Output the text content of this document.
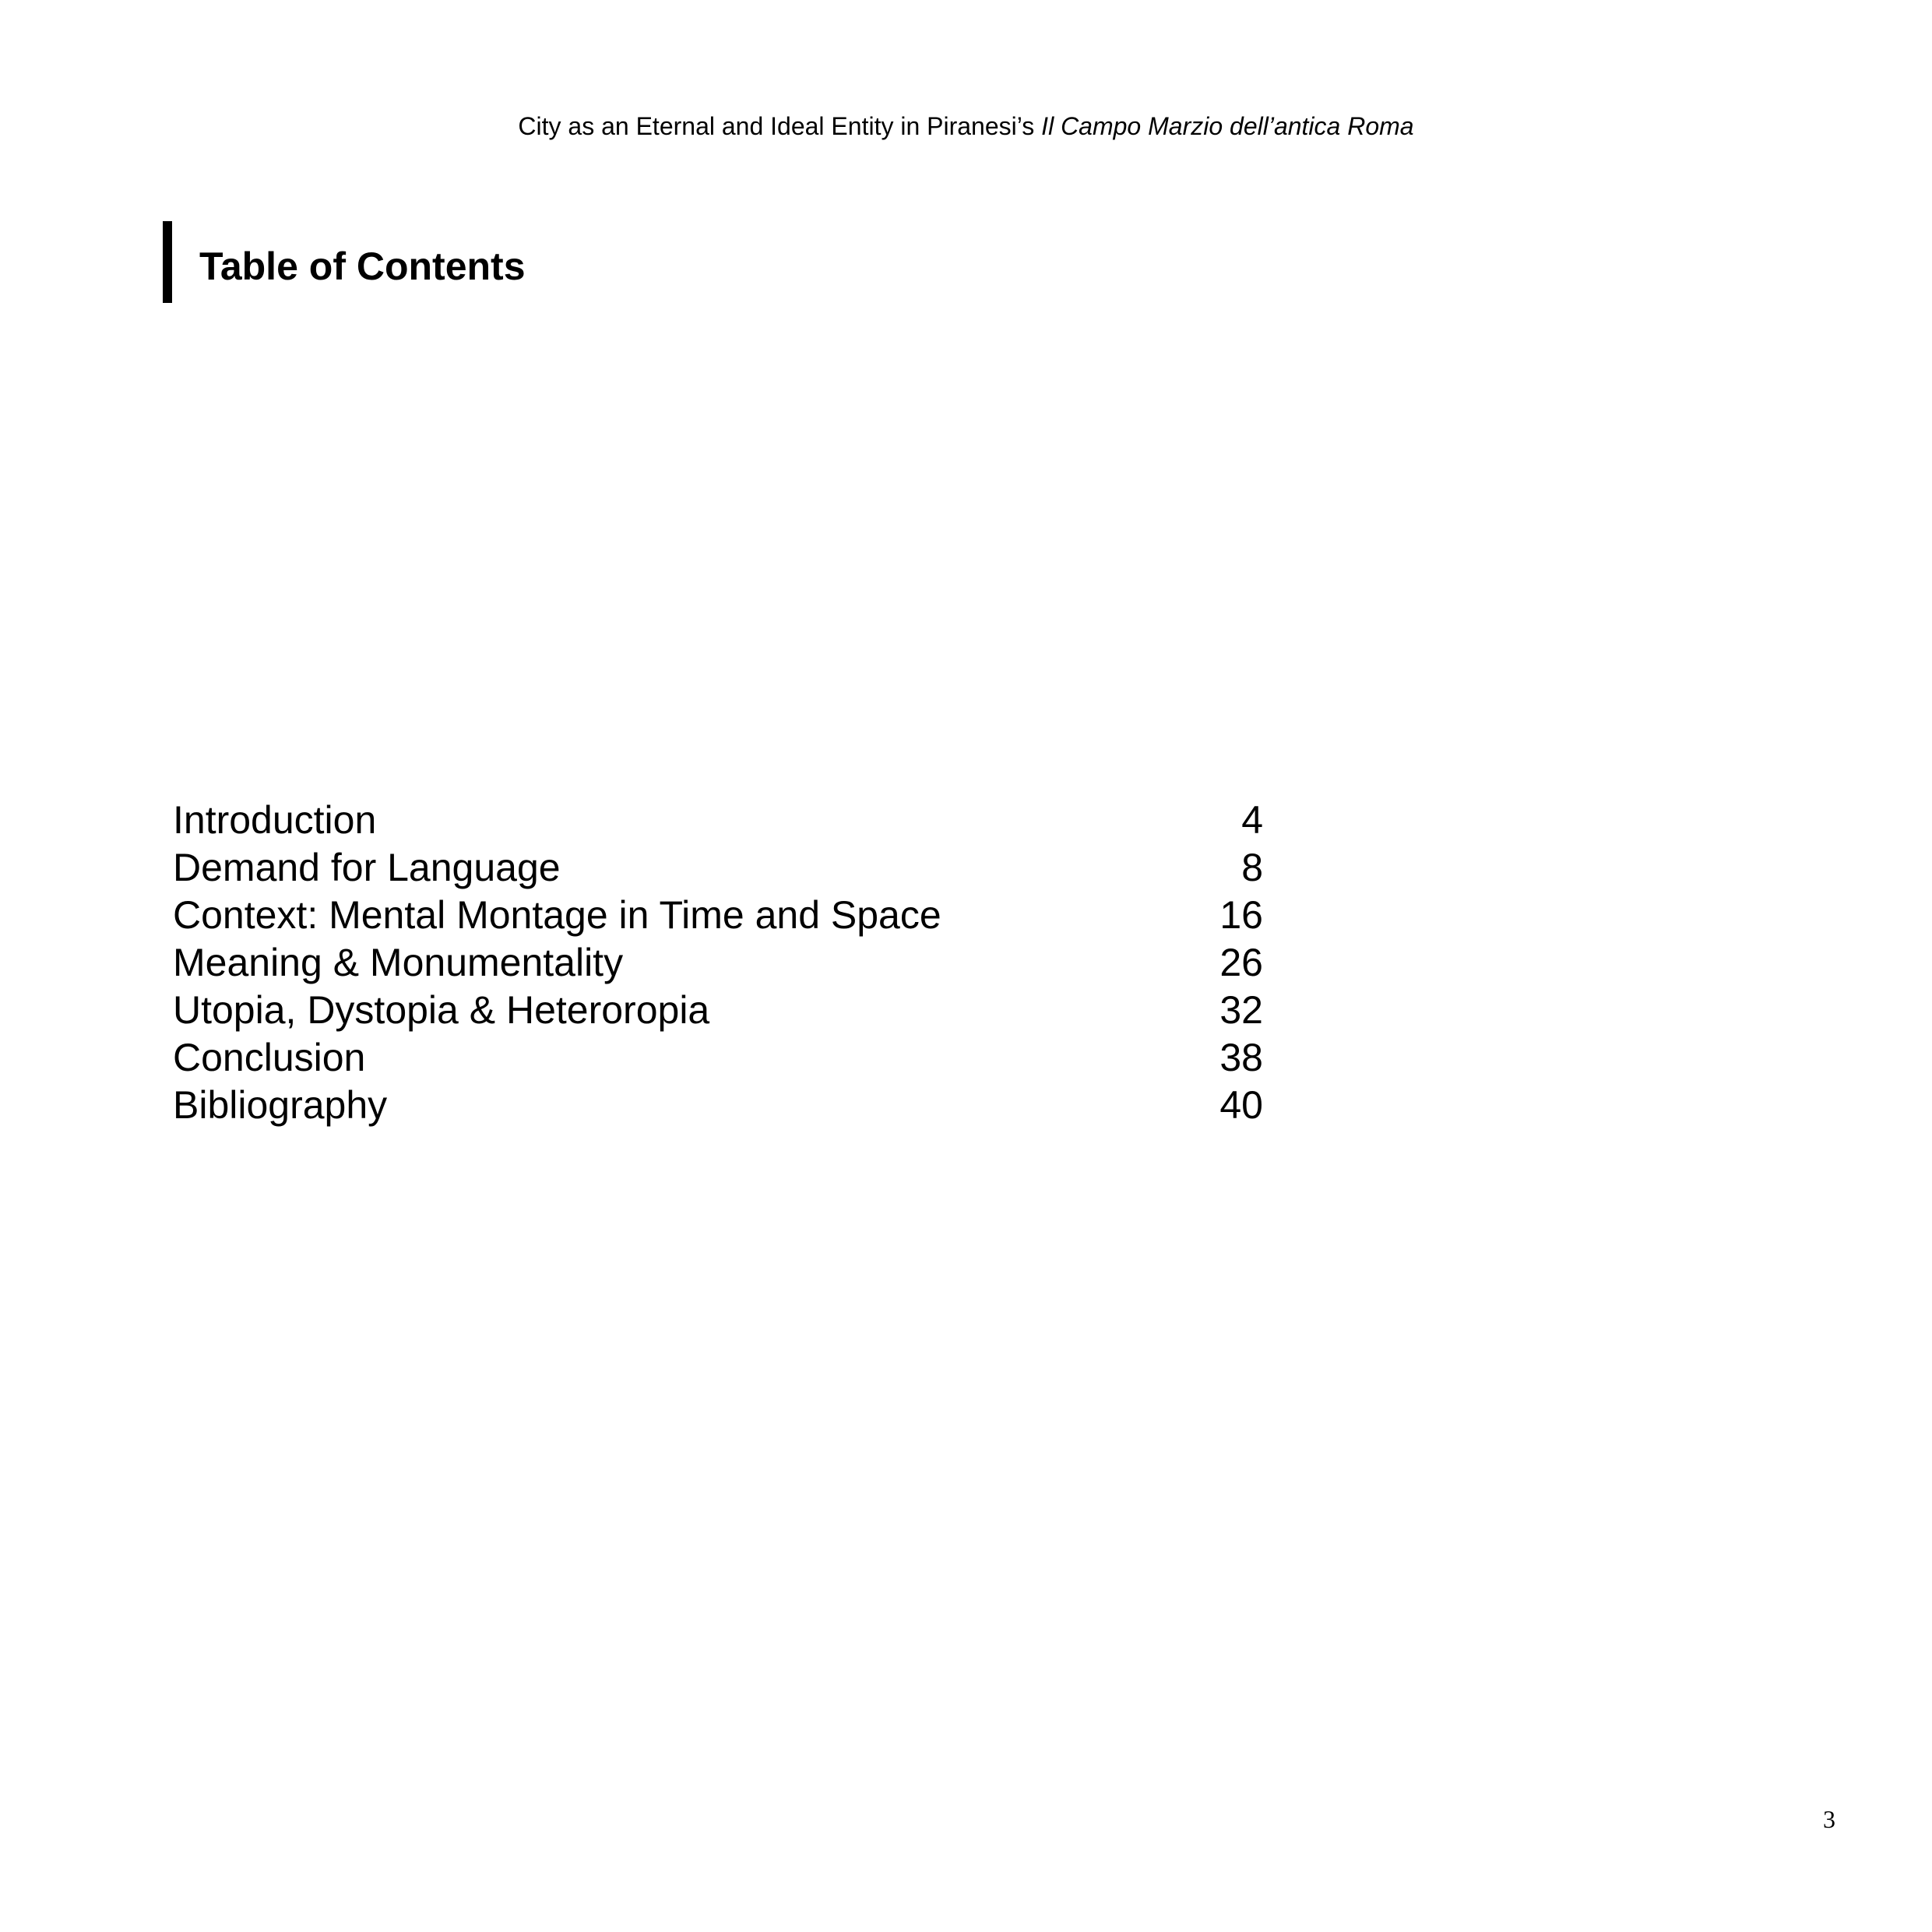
City as an Eternal and Ideal Entity in Piranesi’s Il Campo Marzio dell’antica Roma
Table of Contents
Introduction	4
Demand for Language	8
Context: Mental Montage in Time and Space	16
Meaning & Monumentality	26
Utopia, Dystopia & Heteroropia	32
Conclusion	38
Bibliography	40
3
